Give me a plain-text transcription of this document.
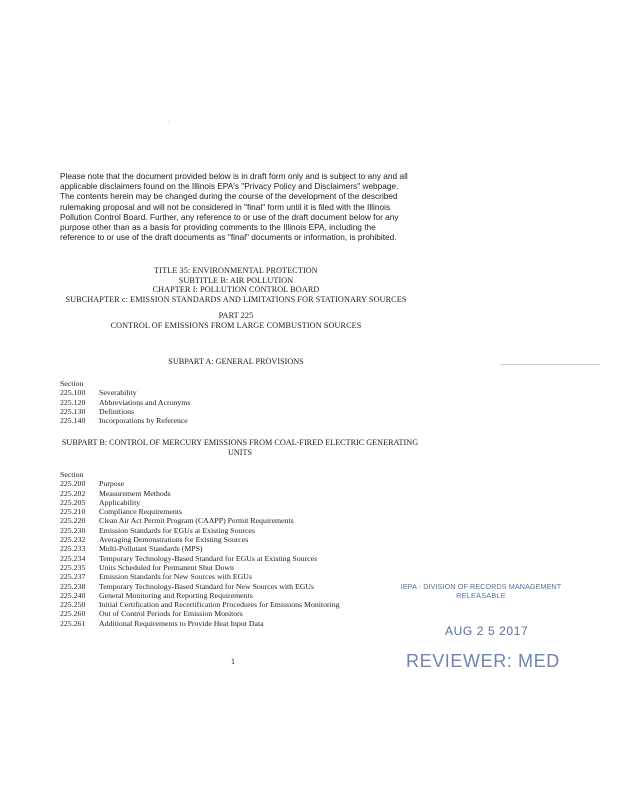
Please note that the document provided below is in draft form only and is subject to any and all applicable disclaimers found on the Illinois EPA's "Privacy Policy and Disclaimers" webpage. The contents herein may be changed during the course of the development of the described rulemaking proposal and will not be considered in "final" form until it is filed with the Illinois Pollution Control Board. Further, any reference to or use of the draft document below for any purpose other than as a basis for providing comments to the Illinois EPA, including the reference to or use of the draft documents as "final" documents or information, is prohibited.
TITLE 35: ENVIRONMENTAL PROTECTION
SUBTITLE B: AIR POLLUTION
CHAPTER I: POLLUTION CONTROL BOARD
SUBCHAPTER c: EMISSION STANDARDS AND LIMITATIONS FOR STATIONARY SOURCES
PART 225
CONTROL OF EMISSIONS FROM LARGE COMBUSTION SOURCES
SUBPART A: GENERAL PROVISIONS
Section
225.100	Severability
225.120	Abbreviations and Acronyms
225.130	Definitions
225.140	Incorporations by Reference
SUBPART B: CONTROL OF MERCURY EMISSIONS FROM COAL-FIRED ELECTRIC GENERATING UNITS
Section
225.200	Purpose
225.202	Measurement Methods
225.205	Applicability
225.210	Compliance Requirements
225.220	Clean Air Act Permit Program (CAAPP) Permit Requirements
225.230	Emission Standards for EGUs at Existing Sources
225.232	Averaging Demonstrations for Existing Sources
225.233	Multi-Pollutant Standards (MPS)
225.234	Temporary Technology-Based Standard for EGUs at Existing Sources
225.235	Units Scheduled for Permanent Shut Down
225.237	Emission Standards for New Sources with EGUs
225.238	Temporary Technology-Based Standard for New Sources with EGUs
225.240	General Monitoring and Reporting Requirements
225.250	Initial Certification and Recertification Procedures for Emissions Monitoring
225.260	Out of Control Periods for Emission Monitors
225.261	Additional Requirements to Provide Heat Input Data
1
IEPA - DIVISION OF RECORDS MANAGEMENT
RELEASABLE
AUG 2 5 2017
REVIEWER: MED
